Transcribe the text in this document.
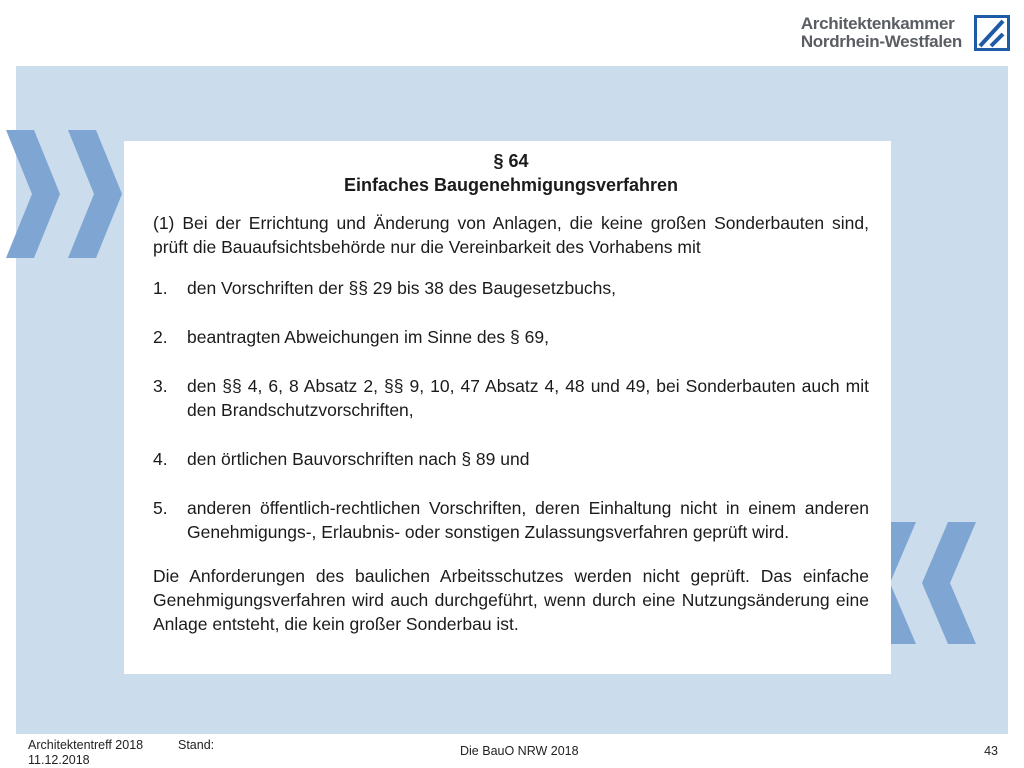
Architektenkammer
Nordrhein-Westfalen

§ 64

Einfaches Baugenehmigungsverfahren

(1) Bei der Errichtung und Änderung von Anlagen, die keine großen Sonderbauten sind, prüft die Bauaufsichtsbehörde nur die Vereinbarkeit des Vorhabens mit

1.	den Vorschriften der §§ 29 bis 38 des Baugesetzbuchs,
2.	beantragten Abweichungen im Sinne des § 69,
3.	den §§ 4, 6, 8 Absatz 2, §§ 9, 10, 47 Absatz 4, 48 und 49, bei Sonderbauten auch mit den Brandschutzvorschriften,
4.	den örtlichen Bauvorschriften nach § 89 und
5.	anderen öffentlich-rechtlichen Vorschriften, deren Einhaltung nicht in einem anderen Genehmigungs-, Erlaubnis- oder sonstigen Zulassungsverfahren geprüft wird.

Die Anforderungen des baulichen Arbeitsschutzes werden nicht geprüft. Das einfache Genehmigungsverfahren wird auch durchgeführt, wenn durch eine Nutzungsänderung eine Anlage entsteht, die kein großer Sonderbau ist.

Architektentreff 2018
11.12.2018
Stand:	Die BauO NRW 2018	43
